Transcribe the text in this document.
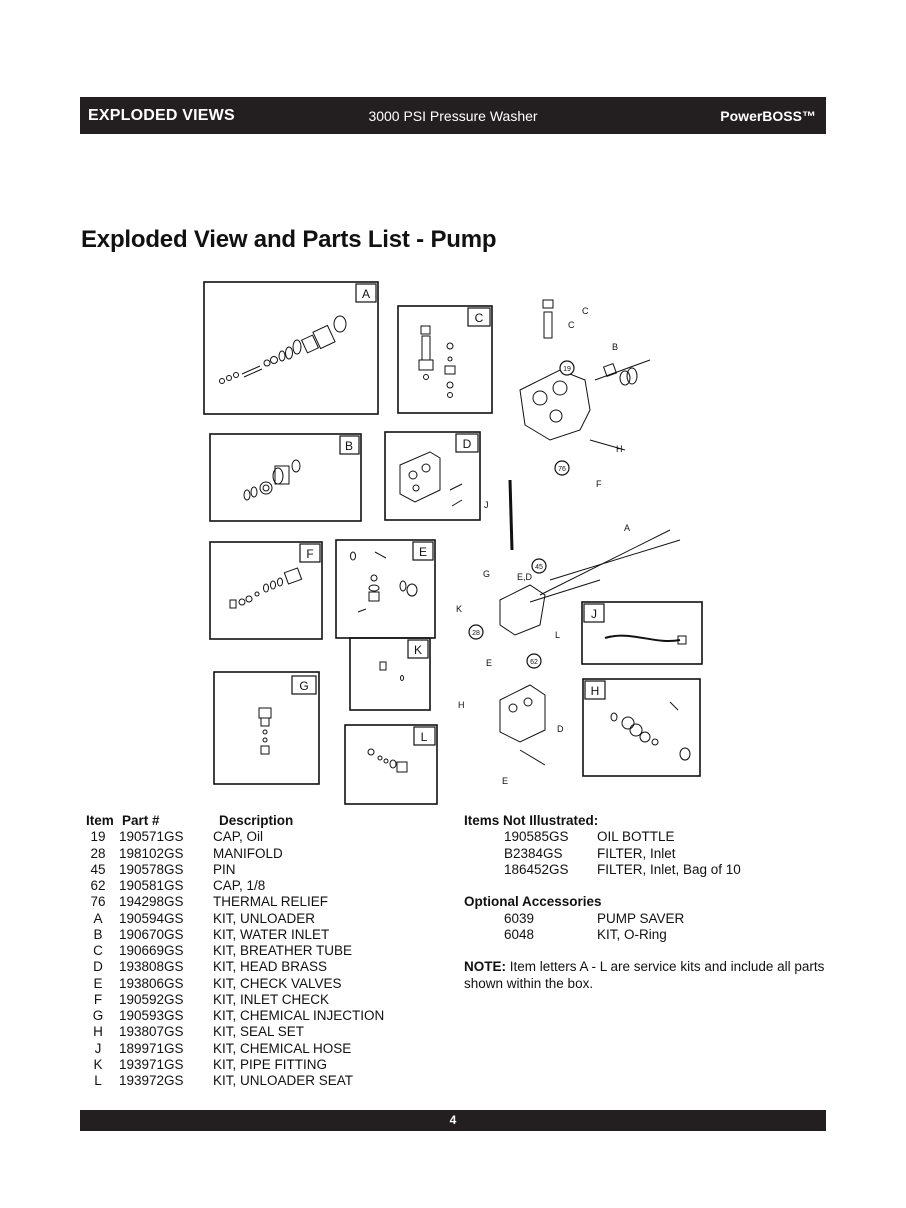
EXPLODED VIEWS	3000 PSI Pressure Washer	PowerBOSS™
Exploded View and Parts List - Pump
A
C
B	D
F	E
K
G
L
J
H
C
C
B
H
F
A
J
G	E,D
K
L
E
H
D
E
19
76
45
28
62
Item Part #	Description
19 190571GS CAP, Oil
28 198102GS MANIFOLD
45 190578GS PIN
62 190581GS CAP, 1/8
76 194298GS THERMAL RELIEF
A	190594GS KIT, UNLOADER
B	190670GS KIT, WATER INLET
C	190669GS KIT, BREATHER TUBE
D	193808GS KIT, HEAD BRASS
E	193806GS KIT, CHECK VALVES
F	190592GS KIT, INLET CHECK
G	190593GS KIT, CHEMICAL INJECTION
H	193807GS KIT, SEAL SET
J	189971GS KIT, CHEMICAL HOSE
K	193971GS KIT, PIPE FITTING
L	193972GS KIT, UNLOADER SEAT
Items Not Illustrated:
190585GS OIL BOTTLE
B2384GS	FILTER, Inlet
186452GS FILTER, Inlet, Bag of 10
Optional Accessories
6039	PUMP SAVER
6048	KIT, O-Ring

NOTE: Item letters A - L are service kits and include all parts shown within the box.

4
